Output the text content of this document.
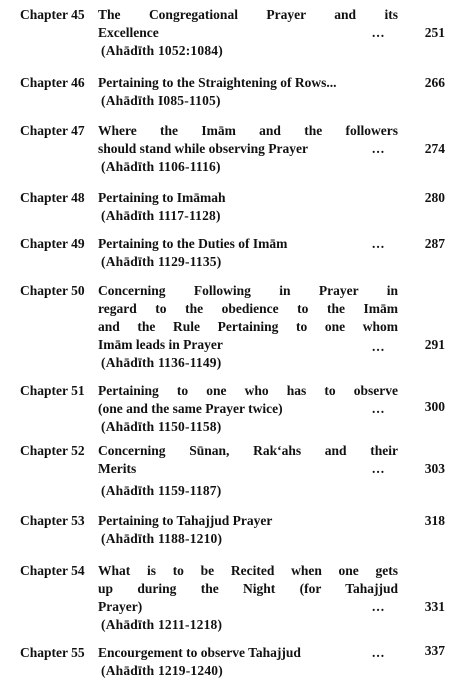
Chapter 45 The Congregational Prayer and its
Excellence
(Ahādīth 1052:1084)
...	251
Chapter 46 Pertaining to the Straightening of Rows...
(Ahādīth I085-1105)
266
Chapter 47 Where the Imām and the followers
should stand while observing Prayer
(Ahādīth 1106-1116)
...	274
Chapter 48 Pertaining to Imāmah
(Ahādīth 1117-1128)
280
Chapter 49 Pertaining to the Duties of Imām
(Ahādīth 1129-1135)
...	287
Chapter 50 Concerning Following in Prayer in
regard to the obedience to the Imām
and the Rule Pertaining to one whom
Imām leads in Prayer
(Ahādīth 1136-1149)
...	291
Chapter 51 Pertaining to one who has to observe
(one and the same Prayer twice)
(Ahādīth 1150-1158)
...	300
Chapter 52 Concerning Sūnan, Rak‘ahs and their
Merits
(Ahādīth 1159-1187)
...	303
Chapter 53 Pertaining to Tahajjud Prayer
(Ahādīth 1188-1210)
318
Chapter 54 What is to be Recited when one gets
up during the Night (for Tahajjud
Prayer)
(Ahādīth 1211-1218)
...	331
Chapter 55 Encourgement to observe Tahajjud
(Ahādīth 1219-1240)
...	337
